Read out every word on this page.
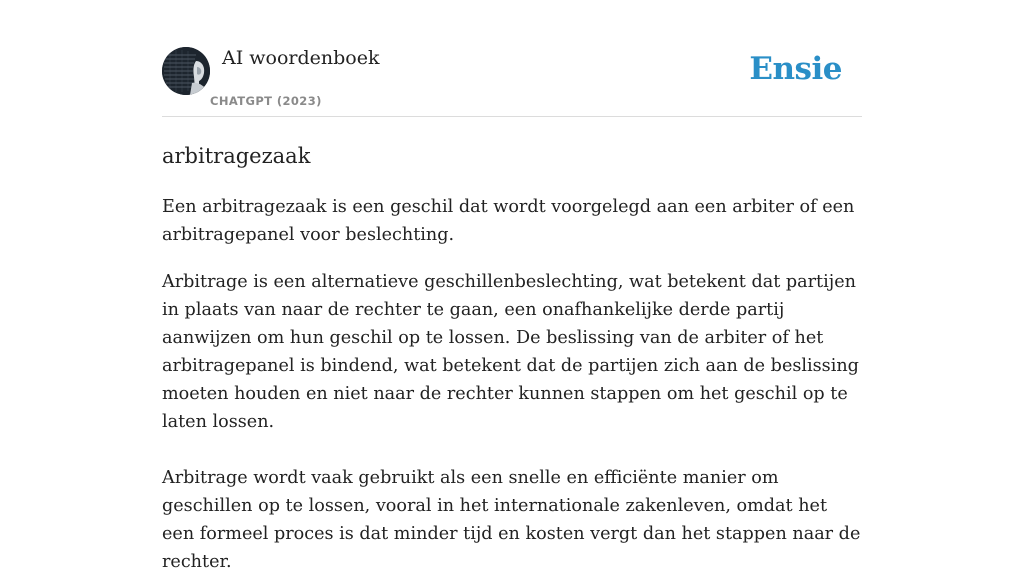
AI woordenboek
CHATGPT (2023)
Ensie
arbitragezaak

Een arbitragezaak is een geschil dat wordt voorgelegd aan een arbiter of een arbitragepanel voor beslechting.

Arbitrage is een alternatieve geschillenbeslechting, wat betekent dat partijen in plaats van naar de rechter te gaan, een onafhankelijke derde partij aanwijzen om hun geschil op te lossen. De beslissing van de arbiter of het arbitragepanel is bindend, wat betekent dat de partijen zich aan de beslissing moeten houden en niet naar de rechter kunnen stappen om het geschil op te laten lossen.

Arbitrage wordt vaak gebruikt als een snelle en efficiënte manier om geschillen op te lossen, vooral in het internationale zakenleven, omdat het een formeel proces is dat minder tijd en kosten vergt dan het stappen naar de rechter.
